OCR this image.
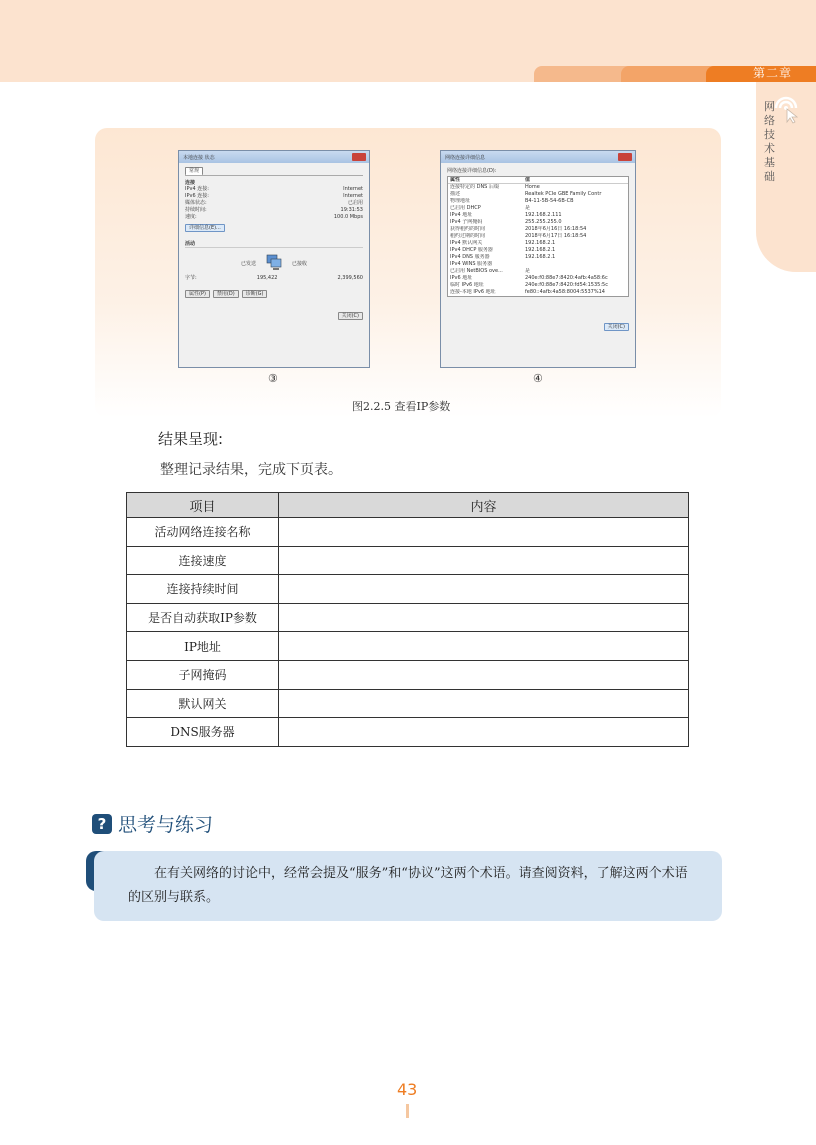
第二章
网络技术基础
本地连接 状态
常规
连接
IPv4 连接:	Internet
IPv6 连接:	Internet
媒体状态:	已启用
持续时间:	19:31:53
速度:	100.0 Mbps
详细信息(E)...
活动
已发送	已接收
字节:	195,422	2,399,560
属性(P)	禁用(D)	诊断(G)
关闭(C)
网络连接详细信息
网络连接详细信息(D):
属性	值
连接特定的 DNS 后缀	Home
描述	Realtek PCIe GBE Family Contr
物理地址	B4-11-5B-54-6B-CB
已启用 DHCP	是
IPv4 地址	192.168.2.111
IPv4 子网掩码	255.255.255.0
获得租约的时间	2018年6月16日 16:18:54
租约过期的时间	2018年6月17日 16:18:54
IPv4 默认网关	192.168.2.1
IPv4 DHCP 服务器	192.168.2.1
IPv4 DNS 服务器	192.168.2.1
IPv4 WINS 服务器
已启用 NetBIOS ove...	是
IPv6 地址	240e:f0:88e7:8420:4afb:4a58:6c
临时 IPv6 地址	240e:f0:88e7:8420:fd54:1535:5c
连接-本地 IPv6 地址	fe80::4afb:4a58:8004:5537%14
关闭(C)
③	④
图2.2.5 查看IP参数
结果呈现:
整理记录结果，完成下页表。
项目	内容
活动网络连接名称	
连接速度	
连接持续时间	
是否自动获取IP参数	
IP地址	
子网掩码	
默认网关	
DNS服务器	
? 思考与练习
在有关网络的讨论中，经常会提及“服务”和“协议”这两个术语。请查阅资料，了解这两个术语的区别与联系。
43
